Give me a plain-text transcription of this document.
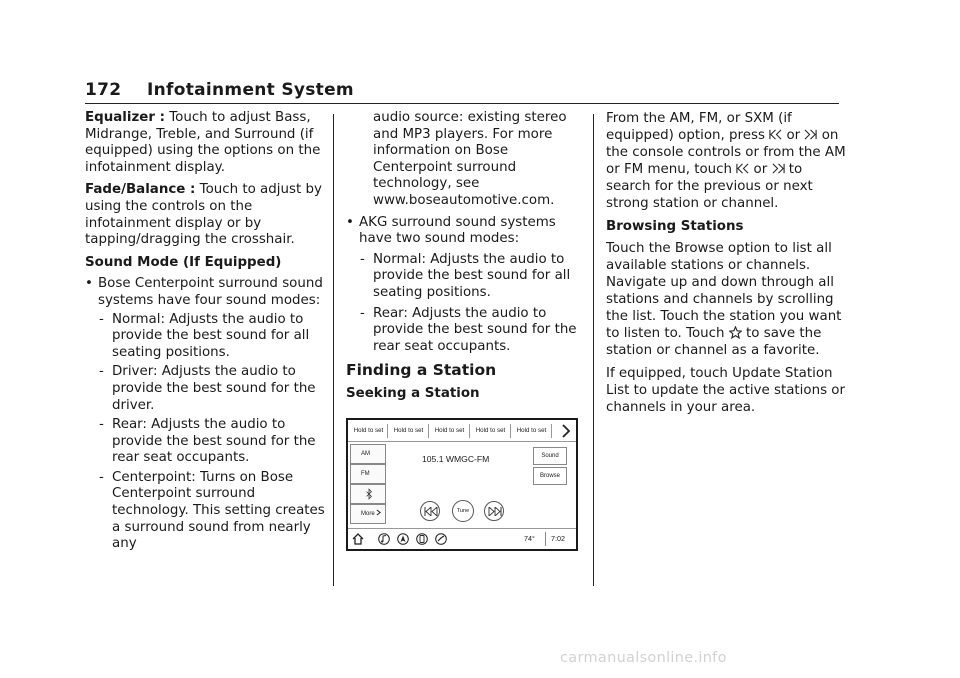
172 Infotainment System

Equalizer : Touch to adjust Bass, Midrange, Treble, and Surround (if equipped) using the options on the infotainment display.

Fade/Balance : Touch to adjust by using the controls on the infotainment display or by tapping/dragging the crosshair.

Sound Mode (If Equipped)
• Bose Centerpoint surround sound systems have four sound modes:
- Normal: Adjusts the audio to provide the best sound for all seating positions.
- Driver: Adjusts the audio to provide the best sound for the driver.
- Rear: Adjusts the audio to provide the best sound for the rear seat occupants.
- Centerpoint: Turns on Bose Centerpoint surround technology. This setting creates a surround sound from nearly any
audio source: existing stereo and MP3 players. For more information on Bose Centerpoint surround technology, see www.boseautomotive.com.
• AKG surround sound systems have two sound modes:
- Normal: Adjusts the audio to provide the best sound for all seating positions.
- Rear: Adjusts the audio to provide the best sound for the rear seat occupants.
Finding a Station
Seeking a Station
Hold to set	Hold to set	Hold to set	Hold to set	Hold to set
AM
FM
More
105.1 WMGC-FM	Sound
Browse
Tune
74° 7:02

From the AM, FM, or SXM (if equipped) option, press or on the console controls or from the AM or FM menu, touch or to search for the previous or next strong station or channel.

Browsing Stations

Touch the Browse option to list all available stations or channels. Navigate up and down through all stations and channels by scrolling the list. Touch the station you want to listen to. Touch to save the station or channel as a favorite.

If equipped, touch Update Station List to update the active stations or channels in your area.

carmanualsonline.info
